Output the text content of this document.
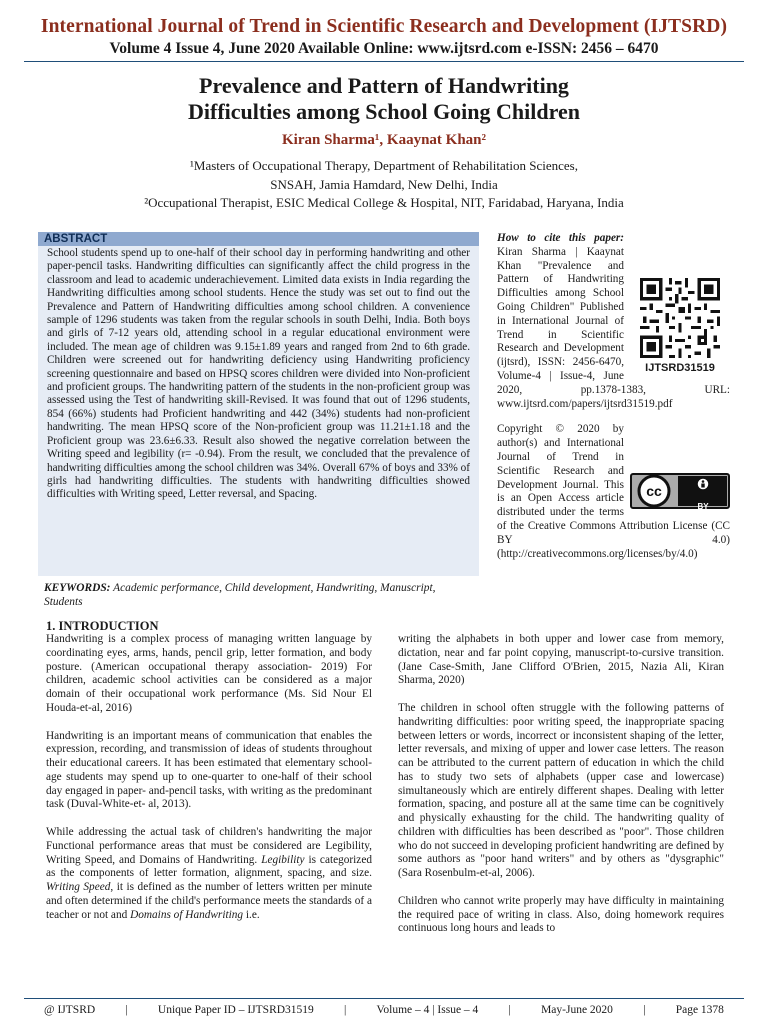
International Journal of Trend in Scientific Research and Development (IJTSRD)
Volume 4 Issue 4, June 2020 Available Online: www.ijtsrd.com e-ISSN: 2456 – 6470
Prevalence and Pattern of Handwriting
Difficulties among School Going Children
Kiran Sharma¹, Kaaynat Khan²
¹Masters of Occupational Therapy, Department of Rehabilitation Sciences,
SNSAH, Jamia Hamdard, New Delhi, India
²Occupational Therapist, ESIC Medical College & Hospital, NIT, Faridabad, Haryana, India
ABSTRACT
School students spend up to one-half of their school day in performing handwriting and other paper-pencil tasks. Handwriting difficulties can significantly affect the child progress in the classroom and lead to academic underachievement. Limited data exists in India regarding the Handwriting difficulties among school students. Hence the study was set out to find out the Prevalence and Pattern of Handwriting difficulties among school children. A convenience sample of 1296 students was taken from the regular schools in south Delhi, India. Both boys and girls of 7-12 years old, attending school in a regular educational environment were included. The mean age of children was 9.15±1.89 years and ranged from 2nd to 6th grade. Children were screened out for handwriting deficiency using Handwriting proficiency screening questionnaire and based on HPSQ scores children were divided into Non-proficient and proficient groups. The handwriting pattern of the students in the non-proficient group was assessed using the Test of handwriting skill-Revised. It was found that out of 1296 students, 854 (66%) students had Proficient handwriting and 442 (34%) students had non-proficient handwriting. The mean HPSQ score of the Non-proficient group was 11.21±1.18 and the Proficient group was 23.6±6.33. Result also showed the negative correlation between the Writing speed and legibility (r= -0.94). From the result, we concluded that the prevalence of handwriting difficulties among the school children was 34%. Overall 67% of boys and 33% of girls had handwriting difficulties. The students with handwriting difficulties showed difficulties with Writing speed, Letter reversal, and Spacing.
IJTSRD31519
How to cite this paper: Kiran Sharma | Kaaynat Khan "Prevalence and Pattern of Handwriting Difficulties among School Going Children" Published in International Journal of Trend in Scientific Research and Development (ijtsrd), ISSN: 2456-6470, Volume-4 | Issue-4, June 2020, pp.1378-1383, URL: www.ijtsrd.com/papers/ijtsrd31519.pdf
cc
BY
Copyright © 2020 by author(s) and International Journal of Trend in Scientific Research and Development Journal. This is an Open Access article distributed under the terms of the Creative Commons Attribution License (CC BY 4.0) (http://creativecommons.org/licenses/by/4.0)
KEYWORDS: Academic performance, Child development, Handwriting, Manuscript, Students
1. INTRODUCTION

Handwriting is a complex process of managing written language by coordinating eyes, arms, hands, pencil grip, letter formation, and body posture. (American occupational therapy association- 2019) For children, academic school activities can be considered as a major domain of their occupational work performance (Ms. Sid Nour El Houda-et-al, 2016)

Handwriting is an important means of communication that enables the expression, recording, and transmission of ideas of students throughout their educational careers. It has been estimated that elementary school- age students may spend up to one-quarter to one-half of their school day engaged in paper- and-pencil tasks, with writing as the predominant task (Duval-White-et- al, 2013).

While addressing the actual task of children's handwriting the major Functional performance areas that must be considered are Legibility, Writing Speed, and Domains of Handwriting. Legibility is categorized as the components of letter formation, alignment, spacing, and size. Writing Speed, it is defined as the number of letters written per minute and often determined if the child's performance meets the standards of a teacher or not and Domains of Handwriting i.e.

writing the alphabets in both upper and lower case from memory, dictation, near and far point copying, manuscript-to-cursive transition. (Jane Case-Smith, Jane Clifford O'Brien, 2015, Nazia Ali, Kiran Sharma, 2020)

The children in school often struggle with the following patterns of handwriting difficulties: poor writing speed, the inappropriate spacing between letters or words, incorrect or inconsistent shaping of the letter, letter reversals, and mixing of upper and lower case letters. The reason can be attributed to the current pattern of education in which the child has to study two sets of alphabets (upper case and lowercase) simultaneously which are entirely different shapes. Dealing with letter formation, spacing, and posture all at the same time can be cognitively and physically exhausting for the child. The handwriting quality of children with difficulties has been described as "poor". Those children who do not succeed in developing proficient handwriting are defined by some authors as "poor hand writers" and by others as "dysgraphic" (Sara Rosenbulm-et-al, 2006).

Children who cannot write properly may have difficulty in maintaining the required pace of writing in class. Also, doing homework requires continuous long hours and leads to

@ IJTSRD	|	Unique Paper ID – IJTSRD31519	|	Volume – 4 | Issue – 4	|	May-June 2020	|	Page 1378
